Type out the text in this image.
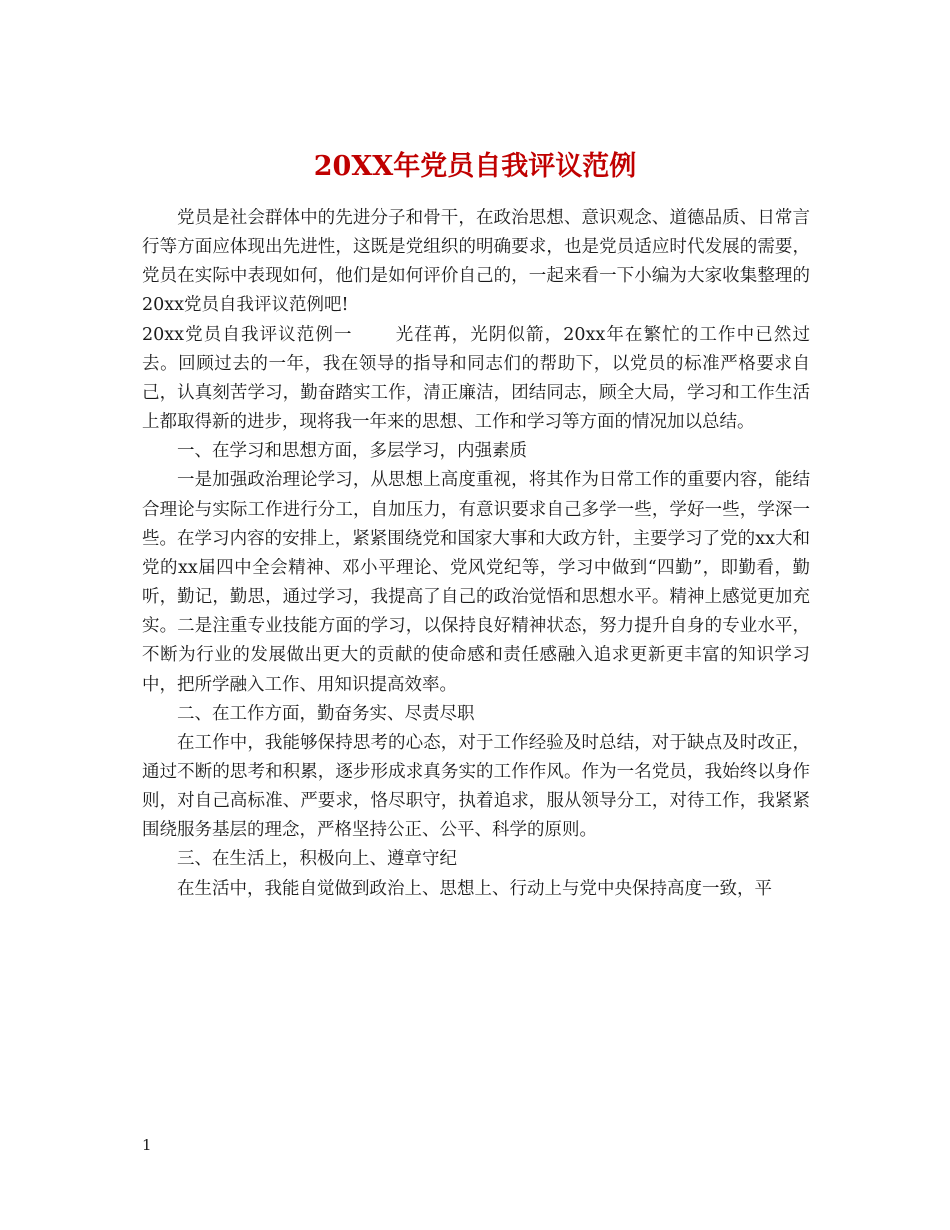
20XX年党员自我评议范例

党员是社会群体中的先进分子和骨干，在政治思想、意识观念、道德品质、日常言行等方面应体现出先进性，这既是党组织的明确要求，也是党员适应时代发展的需要，党员在实际中表现如何，他们是如何评价自己的，一起来看一下小编为大家收集整理的20xx党员自我评议范例吧!

20xx党员自我评议范例一 光荏苒，光阴似箭，20xx年在繁忙的工作中已然过去。回顾过去的一年，我在领导的指导和同志们的帮助下，以党员的标准严格要求自己，认真刻苦学习，勤奋踏实工作，清正廉洁，团结同志，顾全大局，学习和工作生活上都取得新的进步，现将我一年来的思想、工作和学习等方面的情况加以总结。

一、在学习和思想方面，多层学习，内强素质

一是加强政治理论学习，从思想上高度重视，将其作为日常工作的重要内容，能结合理论与实际工作进行分工，自加压力，有意识要求自己多学一些，学好一些，学深一些。在学习内容的安排上，紧紧围绕党和国家大事和大政方针，主要学习了党的xx大和党的xx届四中全会精神、邓小平理论、党风党纪等，学习中做到“四勤”，即勤看，勤听，勤记，勤思，通过学习，我提高了自己的政治觉悟和思想水平。精神上感觉更加充实。二是注重专业技能方面的学习，以保持良好精神状态，努力提升自身的专业水平，不断为行业的发展做出更大的贡献的使命感和责任感融入追求更新更丰富的知识学习中，把所学融入工作、用知识提高效率。

二、在工作方面，勤奋务实、尽责尽职

在工作中，我能够保持思考的心态，对于工作经验及时总结，对于缺点及时改正，通过不断的思考和积累，逐步形成求真务实的工作作风。作为一名党员，我始终以身作则，对自己高标准、严要求，恪尽职守，执着追求，服从领导分工，对待工作，我紧紧围绕服务基层的理念，严格坚持公正、公平、科学的原则。

三、在生活上，积极向上、遵章守纪

在生活中，我能自觉做到政治上、思想上、行动上与党中央保持高度一致，平

1
